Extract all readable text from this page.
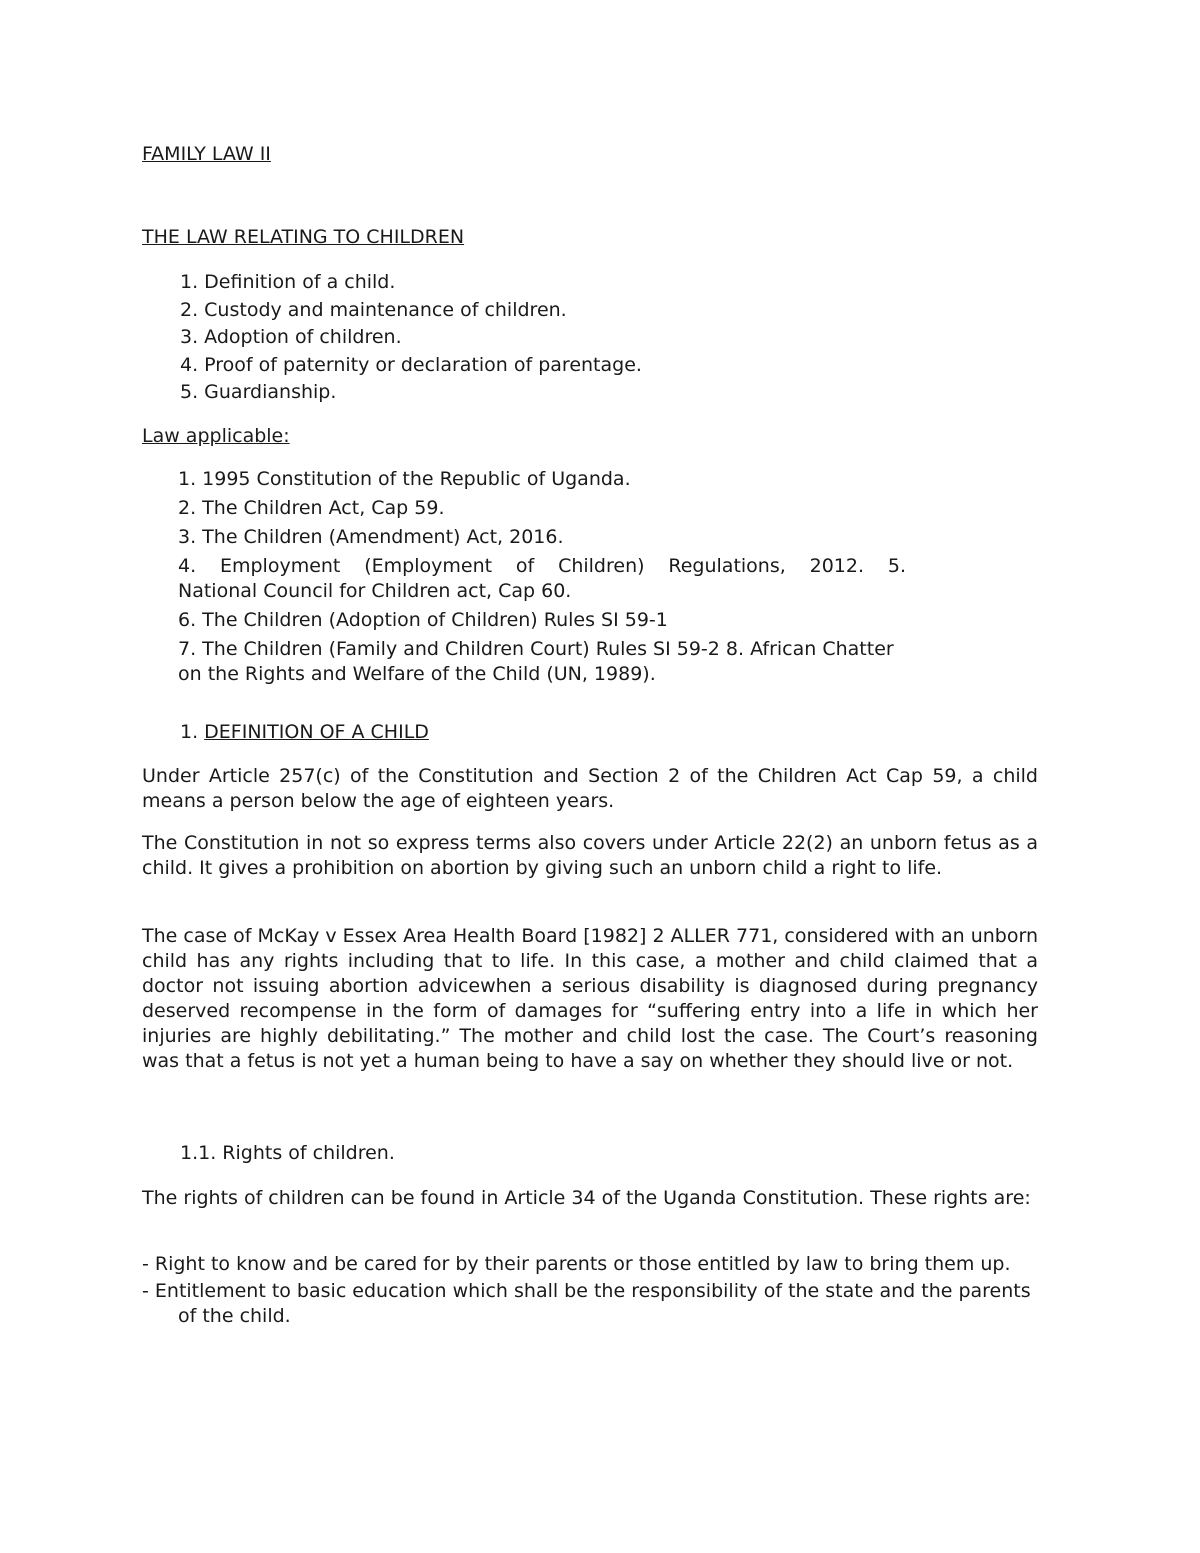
FAMILY LAW II
THE LAW RELATING TO CHILDREN
1. Definition of a child.
2. Custody and maintenance of children.
3. Adoption of children.
4. Proof of paternity or declaration of parentage.
5. Guardianship.
Law applicable:
1. 1995 Constitution of the Republic of Uganda.
2. The Children Act, Cap 59.
3. The Children (Amendment) Act, 2016.
4. Employment (Employment of Children) Regulations, 2012. 5.
National Council for Children act, Cap 60.
6. The Children (Adoption of Children) Rules SI 59-1
7. The Children (Family and Children Court) Rules SI 59-2 8. African Chatter
on the Rights and Welfare of the Child (UN, 1989).
1. DEFINITION OF A CHILD
Under Article 257(c) of the Constitution and Section 2 of the Children Act Cap 59, a child means a person below the age of eighteen years.
The Constitution in not so express terms also covers under Article 22(2) an unborn fetus as a child. It gives a prohibition on abortion by giving such an unborn child a right to life.
The case of McKay v Essex Area Health Board [1982] 2 ALLER 771, considered with an unborn child has any rights including that to life. In this case, a mother and child claimed that a doctor not issuing abortion advicewhen a serious disability is diagnosed during pregnancy deserved recompense in the form of damages for “suffering entry into a life in which her injuries are highly debilitating.” The mother and child lost the case. The Court’s reasoning was that a fetus is not yet a human being to have a say on whether they should live or not.
1.1. Rights of children.
The rights of children can be found in Article 34 of the Uganda Constitution. These rights are:
- Right to know and be cared for by their parents or those entitled by law to bring them up.
- Entitlement to basic education which shall be the responsibility of the state and the parents of the child.
